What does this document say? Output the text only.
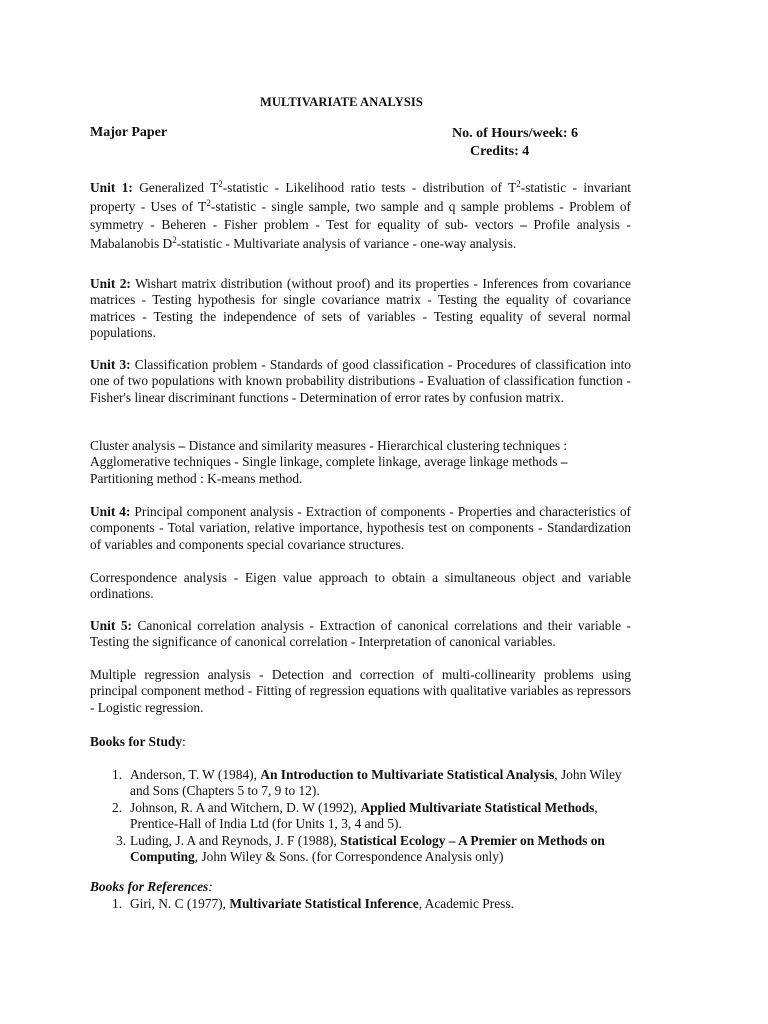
MULTIVARIATE ANALYSIS
Major Paper	No. of Hours/week: 6
Credits: 4
Unit 1: Generalized $T^2$-statistic - Likelihood ratio tests - distribution of $T^2$-statistic - invariant property - Uses of $T^2$-statistic - single sample, two sample and q sample problems - Problem of symmetry - Beheren - Fisher problem - Test for equality of sub- vectors – Profile analysis - Mabalanobis $D^2$-statistic - Multivariate analysis of variance - one-way analysis.
Unit 2: Wishart matrix distribution (without proof) and its properties - Inferences from covariance matrices - Testing hypothesis for single covariance matrix - Testing the equality of covariance matrices - Testing the independence of sets of variables - Testing equality of several normal populations.
Unit 3: Classification problem - Standards of good classification - Procedures of classification into one of two populations with known probability distributions - Evaluation of classification function - Fisher's linear discriminant functions - Determination of error rates by confusion matrix.
Cluster analysis – Distance and similarity measures - Hierarchical clustering techniques :
Agglomerative techniques - Single linkage, complete linkage, average linkage methods –
Partitioning method : K-means method.
Unit 4: Principal component analysis - Extraction of components - Properties and characteristics of components - Total variation, relative importance, hypothesis test on components - Standardization of variables and components special covariance structures.
Correspondence analysis - Eigen value approach to obtain a simultaneous object and variable ordinations.
Unit 5: Canonical correlation analysis - Extraction of canonical correlations and their variable - Testing the significance of canonical correlation - Interpretation of canonical variables.
Multiple regression analysis - Detection and correction of multi-collinearity problems using principal component method - Fitting of regression equations with qualitative variables as repressors - Logistic regression.
Books for Study:
1. Anderson, T. W (1984), An Introduction to Multivariate Statistical Analysis, John Wiley and Sons (Chapters 5 to 7, 9 to 12).
2. Johnson, R. A and Witchern, D. W (1992), Applied Multivariate Statistical Methods, Prentice-Hall of India Ltd (for Units 1, 3, 4 and 5).
3. Luding, J. A and Reynods, J. F (1988), Statistical Ecology – A Premier on Methods on Computing, John Wiley & Sons. (for Correspondence Analysis only)
Books for References:
1. Giri, N. C (1977), Multivariate Statistical Inference, Academic Press.
